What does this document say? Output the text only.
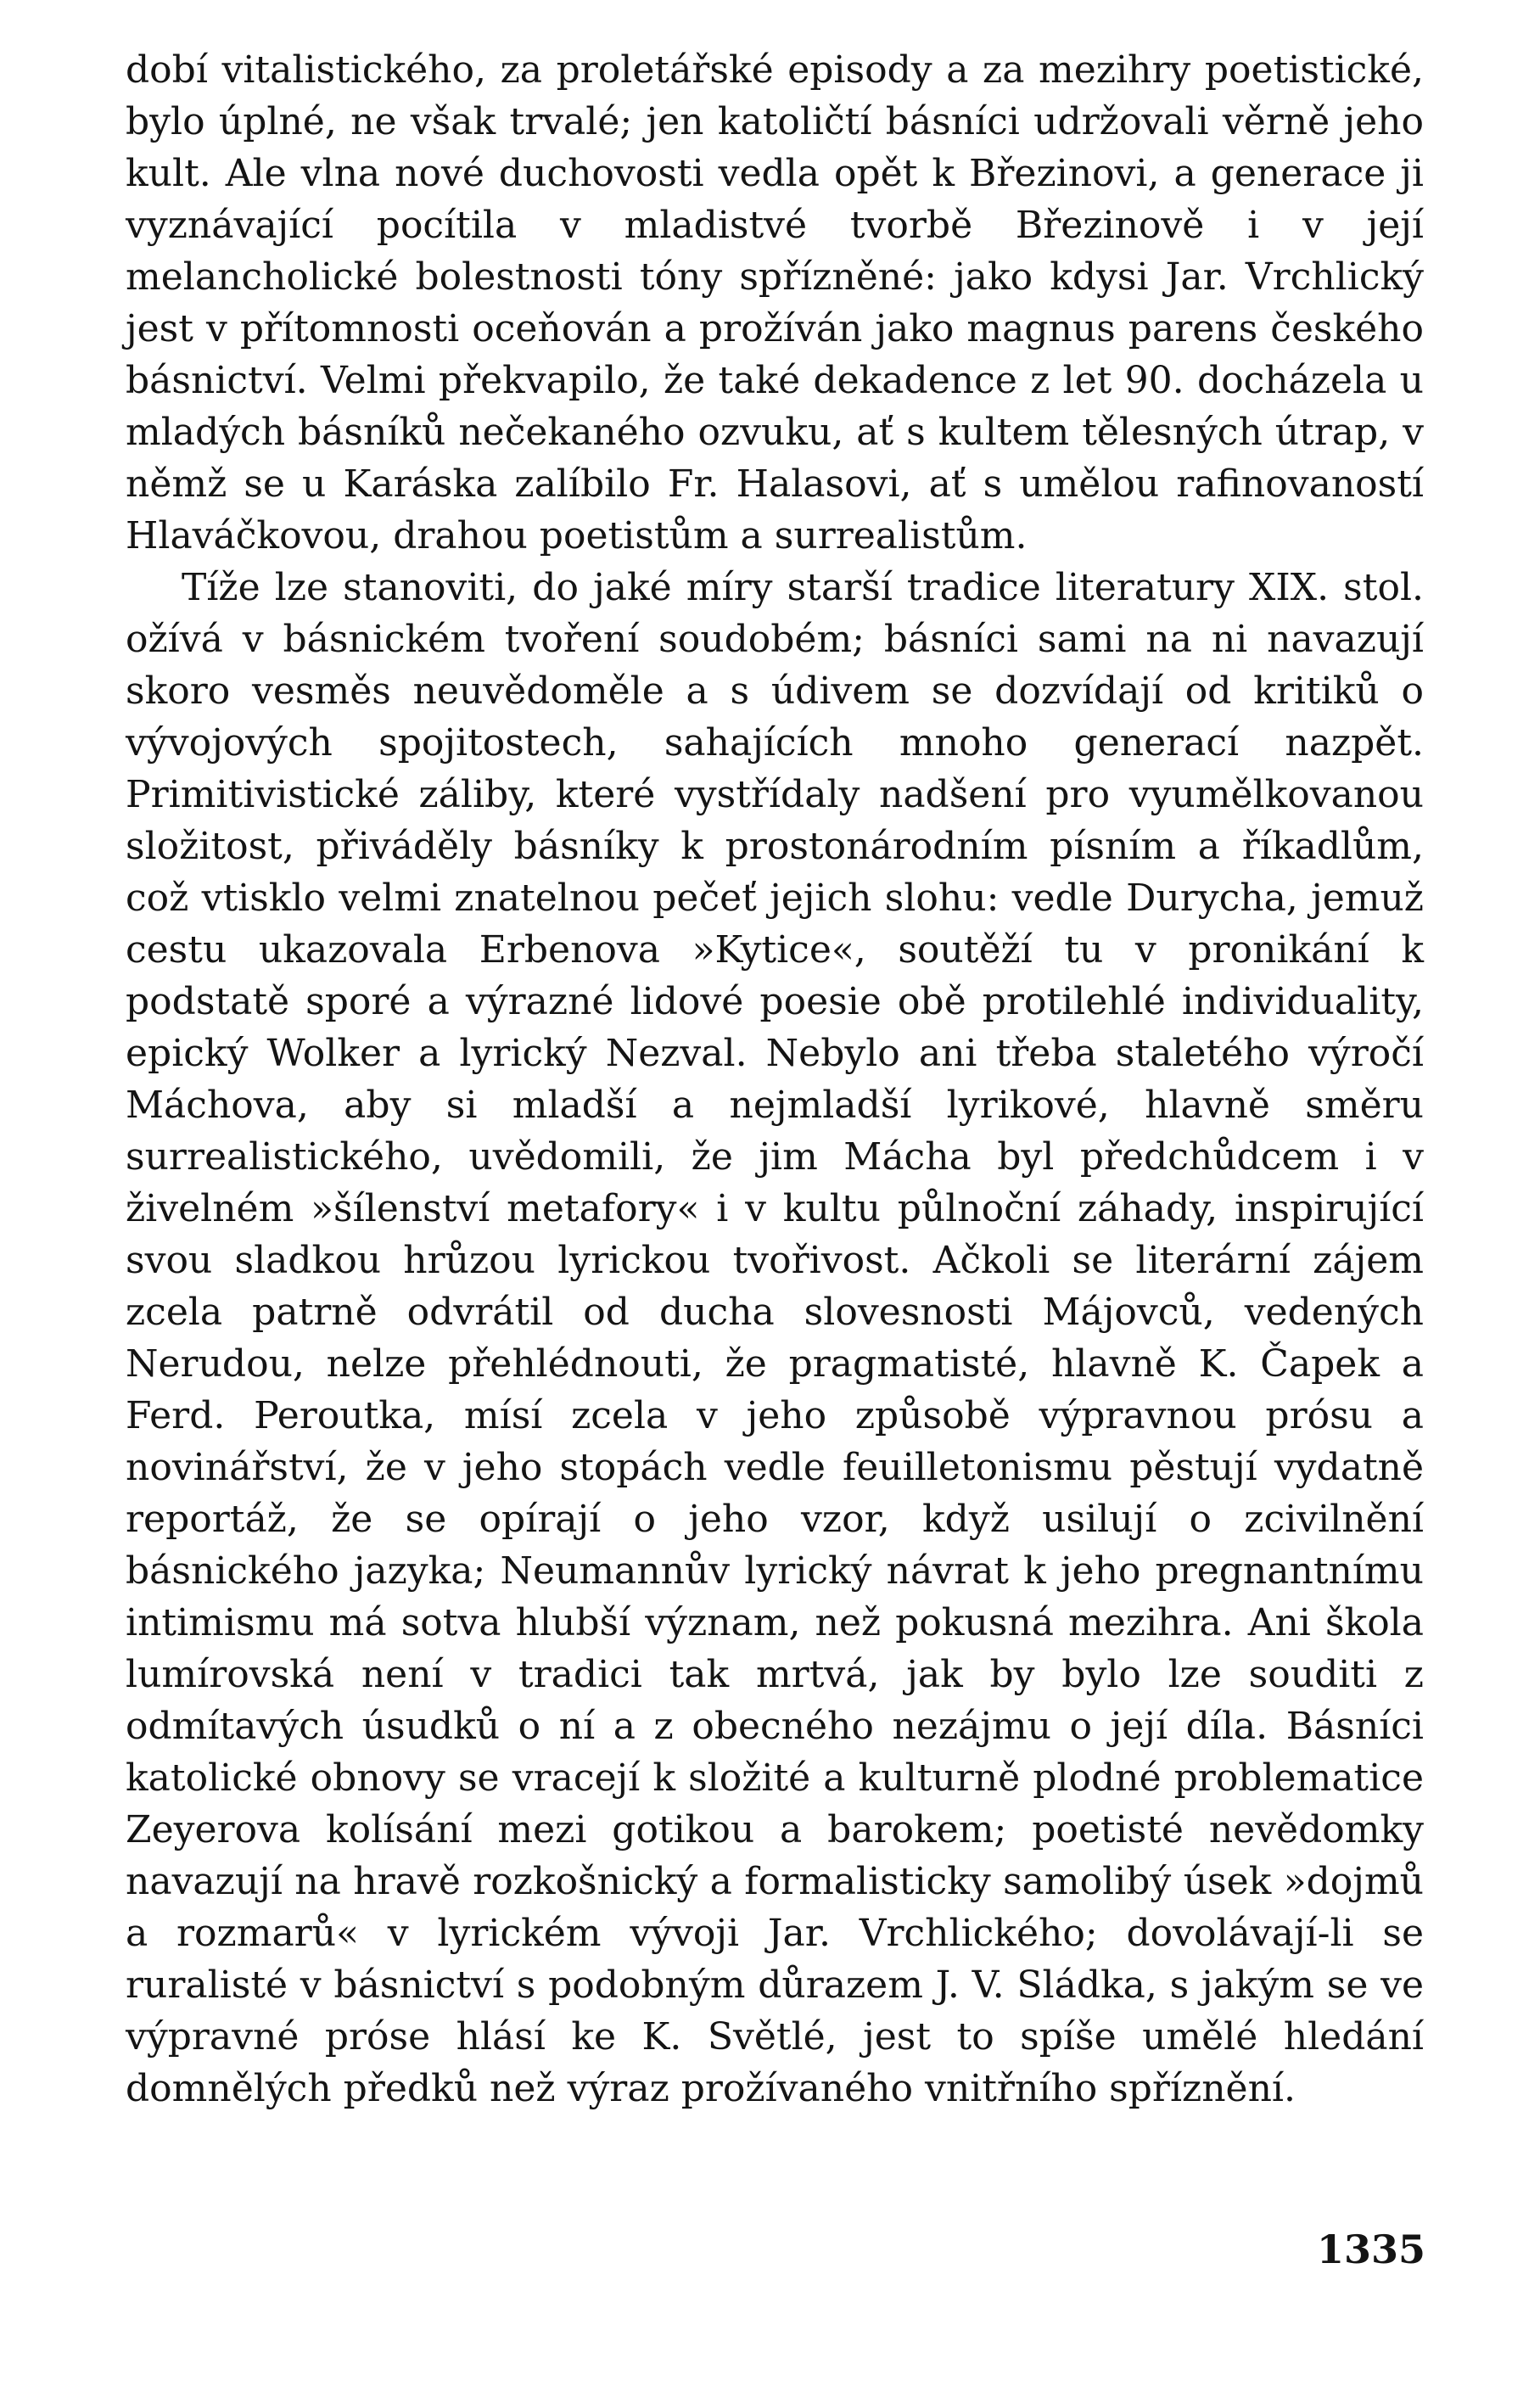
dobí vitalistického, za proletářské episody a za mezihry poetistické, bylo úplné, ne však trvalé; jen katoličtí básníci udržovali věrně jeho kult. Ale vlna nové duchovosti vedla opět k Březinovi, a generace ji vyznávající pocítila v mladistvé tvorbě Březinově i v její melancholické bolestnosti tóny spřízněné: jako kdysi Jar. Vrchlický jest v přítomnosti oceňován a prožíván jako magnus parens českého básnictví. Velmi překvapilo, že také dekadence z let 90. docházela u mladých básníků nečekaného ozvuku, ať s kultem tělesných útrap, v němž se u Karáska zalíbilo Fr. Halasovi, ať s umělou rafinovaností Hlaváčkovou, drahou poetistům a surrealistům.

Tíže lze stanoviti, do jaké míry starší tradice literatury XIX. stol. ožívá v básnickém tvoření soudobém; básníci sami na ni navazují skoro vesměs neuvědoměle a s údivem se dozvídají od kritiků o vývojových spojitostech, sahajících mnoho generací nazpět. Primitivistické záliby, které vystřídaly nadšení pro vyumělkovanou složitost, přiváděly básníky k prostonárodním písním a říkadlům, což vtisklo velmi znatelnou pečeť jejich slohu: vedle Durycha, jemuž cestu ukazovala Erbenova »Kytice«, soutěží tu v pronikání k podstatě sporé a výrazné lidové poesie obě protilehlé individuality, epický Wolker a lyrický Nezval. Nebylo ani třeba staletého výročí Máchova, aby si mladší a nejmladší lyrikové, hlavně směru surrealistického, uvědomili, že jim Mácha byl předchůdcem i v živelném »šílenství metafory« i v kultu půlnoční záhady, inspirující svou sladkou hrůzou lyrickou tvořivost. Ačkoli se literární zájem zcela patrně odvrátil od ducha slovesnosti Májovců, vedených Nerudou, nelze přehlédnouti, že pragmatisté, hlavně K. Čapek a Ferd. Peroutka, mísí zcela v jeho způsobě výpravnou prósu a novinářství, že v jeho stopách vedle feuilletonismu pěstují vydatně reportáž, že se opírají o jeho vzor, když usilují o zcivilnění básnického jazyka; Neumannův lyrický návrat k jeho pregnantnímu intimismu má sotva hlubší význam, než pokusná mezihra. Ani škola lumírovská není v tradici tak mrtvá, jak by bylo lze souditi z odmítavých úsudků o ní a z obecného nezájmu o její díla. Básníci katolické obnovy se vracejí k složité a kulturně plodné problematice Zeyerova kolísání mezi gotikou a barokem; poetisté nevědomky navazují na hravě rozkošnický a formalisticky samolibý úsek »dojmů a rozmarů« v lyrickém vývoji Jar. Vrchlického; dovolávají-li se ruralisté v básnictví s podobným důrazem J. V. Sládka, s jakým se ve výpravné próse hlásí ke K. Světlé, jest to spíše umělé hledání domnělých předků než výraz prožívaného vnitřního spříznění.

1335
